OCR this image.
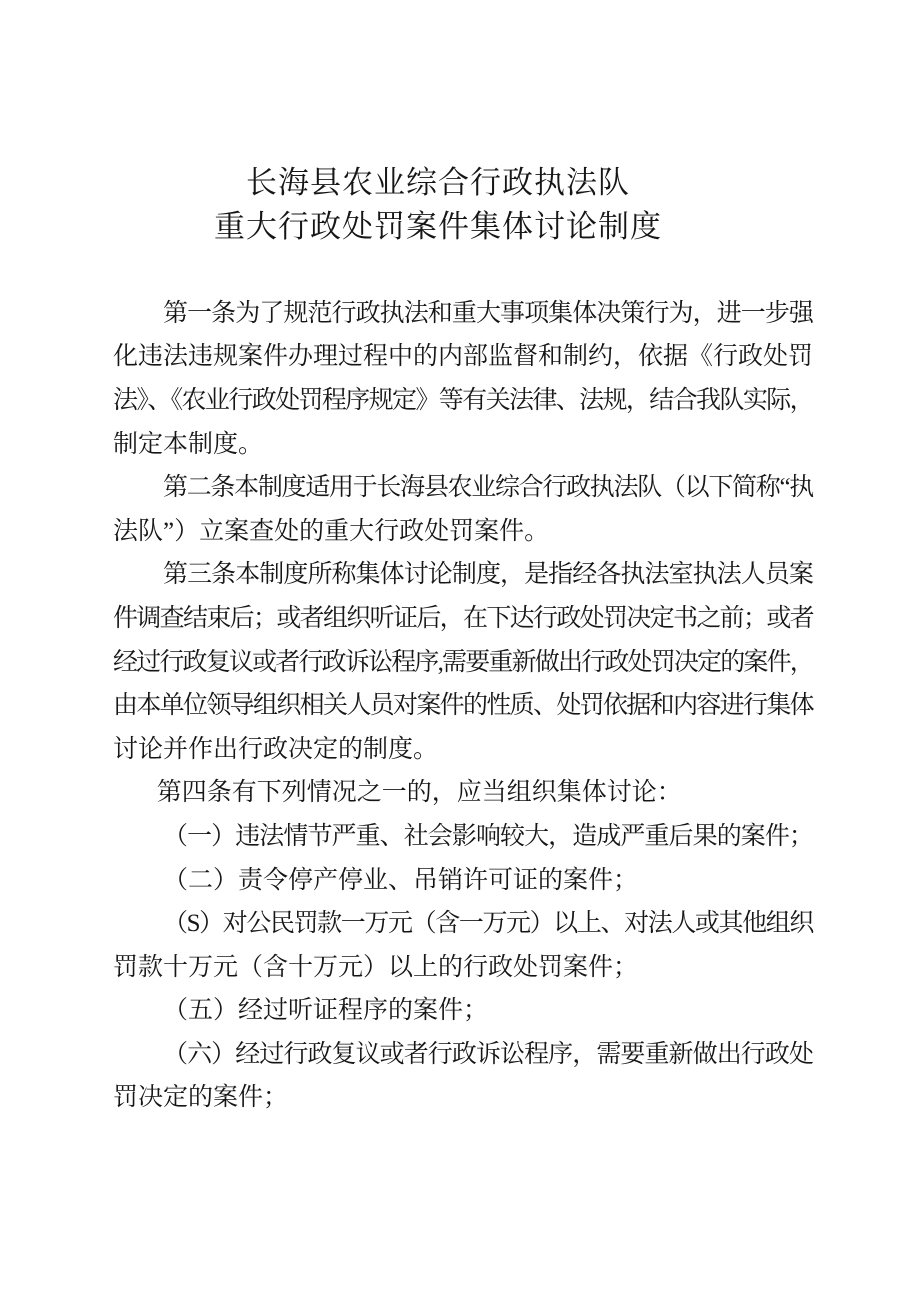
长海县农业综合行政执法队
重大行政处罚案件集体讨论制度
第一条为了规范行政执法和重大事项集体决策行为，进一步强
化违法违规案件办理过程中的内部监督和制约，依据《行政处罚
法》、《农业行政处罚程序规定》等有关法律、法规，结合我队实际，
制定本制度。
第二条本制度适用于长海县农业综合行政执法队（以下简称“执
法队”）立案查处的重大行政处罚案件。
第三条本制度所称集体讨论制度，是指经各执法室执法人员案
件调查结束后；或者组织听证后，在下达行政处罚决定书之前；或者
经过行政复议或者行政诉讼程序,需要重新做出行政处罚决定的案件，
由本单位领导组织相关人员对案件的性质、处罚依据和内容进行集体
讨论并作出行政决定的制度。
第四条有下列情况之一的，应当组织集体讨论：
（一）违法情节严重、社会影响较大，造成严重后果的案件；
（二）责令停产停业、吊销许可证的案件；
（S）对公民罚款一万元（含一万元）以上、对法人或其他组织
罚款十万元（含十万元）以上的行政处罚案件；
（五）经过听证程序的案件；
（六）经过行政复议或者行政诉讼程序，需要重新做出行政处
罚决定的案件；
